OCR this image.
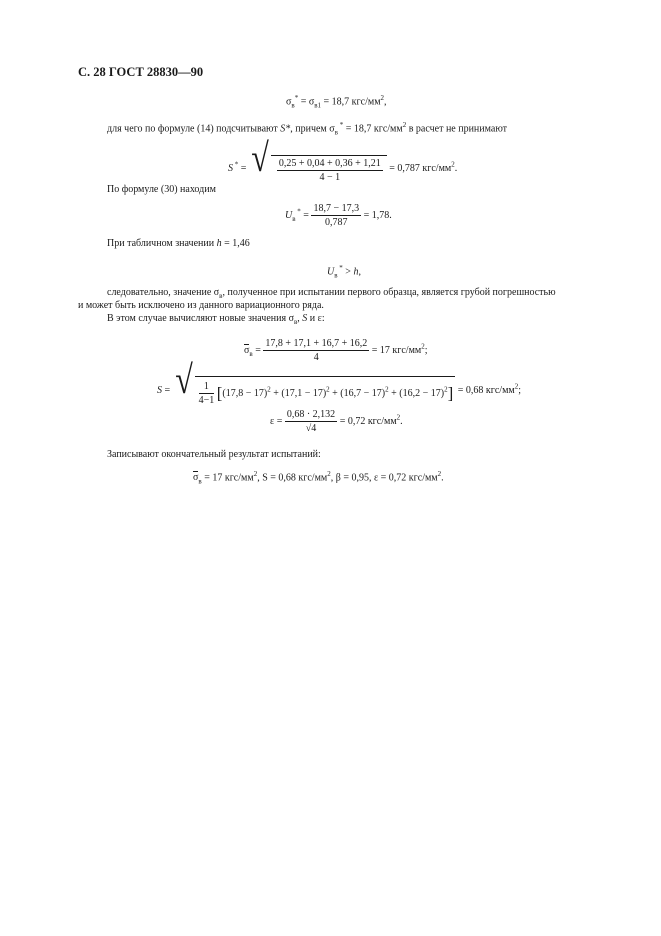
С. 28 ГОСТ 28830—90
$\sigma_в^* = \sigma_{в1} = 18,7$ кгс/$мм^2$,
для чего по формуле (14) подсчитывают S*, причем $\sigma_в$ * = 18,7 кгс/$мм^2$ в расчет не принимают
S * = √ $\frac{0,25 + 0,04 + 0,36 + 1,21}{4 - 1} = 0,787$ кгс/$мм^2$.
По формуле (30) находим
$U_в$ $^* = \frac{18,7 - 17,3}{0,787} = 1,78$.
При табличном значении h = 1,46
$U_в$ * > h,
следовательно, значение $\sigma_в$, полученное при испытании первого образца, является грубой погрешностью
и может быть исключено из данного вариационного ряда.
В этом случае вычисляют новые значения $\sigma_в$, S и ε:
$\sigma_в = \frac{17,8 + 17,1 + 16,7 + 16,2}{4} = 17$ кгс/$мм^2$;
S = √ $\frac{1}{4-1} [(17,8 - 17)^2 + (17,1 - 17)^2 + (16,7 - 17)^2 + (16,2 - 17)^2] = 0,68$ кгс/$мм^2$;
$\varepsilon = \frac{0,68 \cdot 2,132}{√4} = 0,72$ кгс/$мм^2$.
Записывают окончательный результат испытаний:
$\sigma_в = 17$ кгс/$мм^2$, S = 0,68 кгс/$мм^2$, β = 0,95, ε = 0,72 кгс/$мм^2$.
